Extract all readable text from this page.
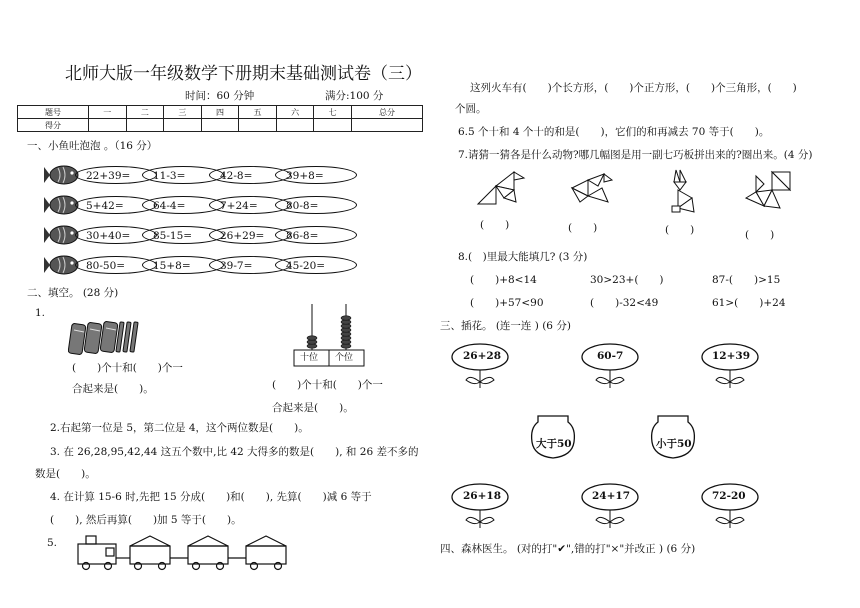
北师大版一年级数学下册期末基础测试卷（三）
时间：60 分钟	满分:100 分
题号	一	二	三	四	五	六	七	总分
得分								
一、小鱼吐泡泡 。（16 分）
22+39=	11-3=	42-8=	39+8=
5+42=	64-4=	7+24=	80-8=
30+40=	85-15=	26+29=	86-8=
80-50=	15+8=	39-7=	45-20=
二、填空。 (28 分)
1.
(　　)个十和(　　)个一
合起来是(　　)。
十位 个位
(　　)个十和(　　)个一
合起来是(　　)。
2.右起第一位是 5，第二位是 4，这个两位数是(　　)。
3. 在 26,28,95,42,44 这五个数中,比 42 大得多的数是(　　), 和 26 差不多的
数是(　　)。
4. 在计算 15-6 时,先把 15 分成(　　)和(　　), 先算(　　)减 6 等于
(　　), 然后再算(　　)加 5 等于(　　)。
5.
这列火车有(　　)个长方形，(　　)个正方形，(　　)个三角形，(　　)
个圆。
6.5 个十和 4 个十的和是(　　)，它们的和再减去 70 等于(　　)。
7.请猜一猜各是什么动物?哪几幅图是用一副七巧板拼出来的?圈出来。(4 分)
(　　)	(　　)	(　　)	(　　)
8.(　)里最大能填几? (3 分)
(　　)+8<14	30>23+(　　)	87-(　　)>15
(　　)+57<90	(　　)-32<49	61>(　　)+24
三、插花。 (连一连 ) (6 分)
26+28	60-7	12+39
大于50	小于50
26+18	24+17	72-20
四、森林医生。 (对的打"✔",错的打"×"并改正 ) (6 分)
